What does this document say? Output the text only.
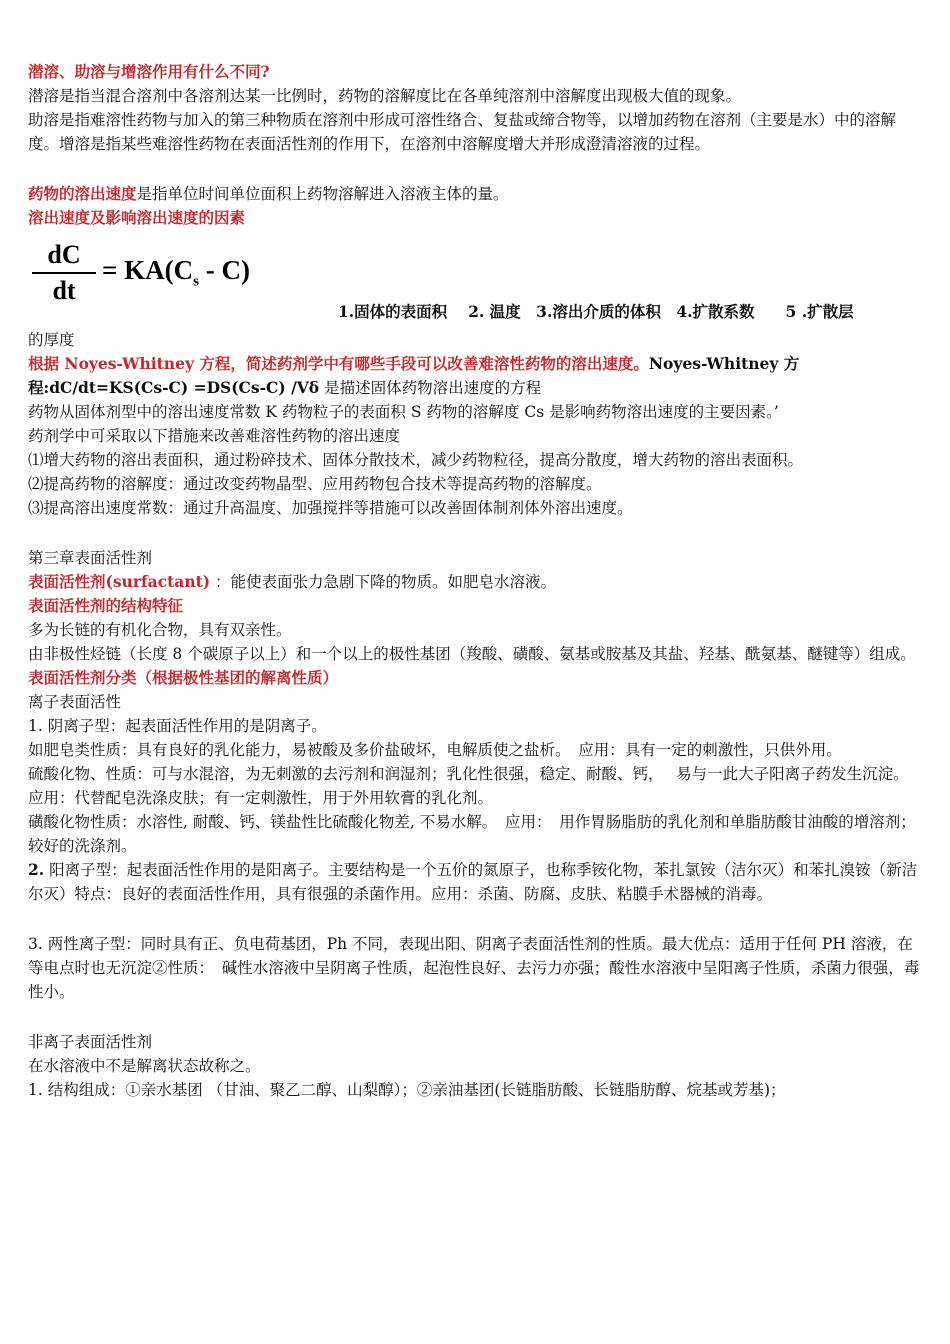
潜溶、助溶与增溶作用有什么不同?

潜溶是指当混合溶剂中各溶剂达某一比例时，药物的溶解度比在各单纯溶剂中溶解度出现极大值的现象。

助溶是指难溶性药物与加入的第三种物质在溶剂中形成可溶性络合、复盐或缔合物等，以增加药物在溶剂（主要是水）中的溶解度。增溶是指某些难溶性药物在表面活性剂的作用下，在溶剂中溶解度增大并形成澄清溶液的过程。

药物的溶出速度是指单位时间单位面积上药物溶解进入溶液主体的量。

溶出速度及影响溶出速度的因素

$\frac{dC}{dt} = KA(C_s - C)$
1.固体的表面积　 2. 温度　3.溶出介质的体积　4.扩散系数　　5 .扩散层

的厚度

根据 Noyes-Whitney 方程，简述药剂学中有哪些手段可以改善难溶性药物的溶出速度。Noyes-Whitney 方程:dC/dt=KS(Cs-C) =DS(Cs-C) /Vδ 是描述固体药物溶出速度的方程

药物从固体剂型中的溶出速度常数 K 药物粒子的表面积 S 药物的溶解度 Cs 是影响药物溶出速度的主要因素。’

药剂学中可采取以下措施来改善难溶性药物的溶出速度

⑴增大药物的溶出表面积，通过粉碎技术、固体分散技术，减少药物粒径，提高分散度，增大药物的溶出表面积。

⑵提高药物的溶解度：通过改变药物晶型、应用药物包合技术等提高药物的溶解度。

⑶提高溶出速度常数：通过升高温度、加强搅拌等措施可以改善固体制剂体外溶出速度。

第三章表面活性剂

表面活性剂(surfactant) ：能使表面张力急剧下降的物质。如肥皂水溶液。

表面活性剂的结构特征

多为长链的有机化合物，具有双亲性。

由非极性烃链（长度 8 个碳原子以上）和一个以上的极性基团（羧酸、磺酸、氨基或胺基及其盐、羟基、酰氨基、醚键等）组成。

表面活性剂分类（根据极性基团的解离性质）

离子表面活性

1. 阴离子型：起表面活性作用的是阴离子。

如肥皂类性质：具有良好的乳化能力，易被酸及多价盐破坏，电解质使之盐析。　应用：具有一定的刺激性，只供外用。

硫酸化物、性质：可与水混溶，为无刺激的去污剂和润湿剂；乳化性很强，稳定、耐酸、钙，　 易与一此大子阳离子药发生沉淀。　应用：代替配皂洗涤皮肤；有一定刺激性，用于外用软膏的乳化剂。

磺酸化物性质：水溶性, 耐酸、钙、镁盐性比硫酸化物差, 不易水解。　应用：　用作胃肠脂肪的乳化剂和单脂肪酸甘油酸的增溶剂；较好的洗涤剂。

2. 阳离子型：起表面活性作用的是阳离子。主要结构是一个五价的氮原子，也称季铵化物，苯扎氯铵（洁尔灭）和苯扎溴铵（新洁尔灭）特点：良好的表面活性作用，具有很强的杀菌作用。应用：杀菌、防腐、皮肤、粘膜手术器械的消毒。

3. 两性离子型：同时具有正、负电荷基团，Ph 不同，表现出阳、阴离子表面活性剂的性质。最大优点：适用于任何 PH 溶液，在等电点时也无沉淀②性质：　碱性水溶液中呈阴离子性质，起泡性良好、去污力亦强；酸性水溶液中呈阳离子性质，杀菌力很强，毒性小。

非离子表面活性剂

在水溶液中不是解离状态故称之。

1. 结构组成：①亲水基团 （甘油、聚乙二醇、山梨醇）；②亲油基团(长链脂肪酸、长链脂肪醇、烷基或芳基)；
